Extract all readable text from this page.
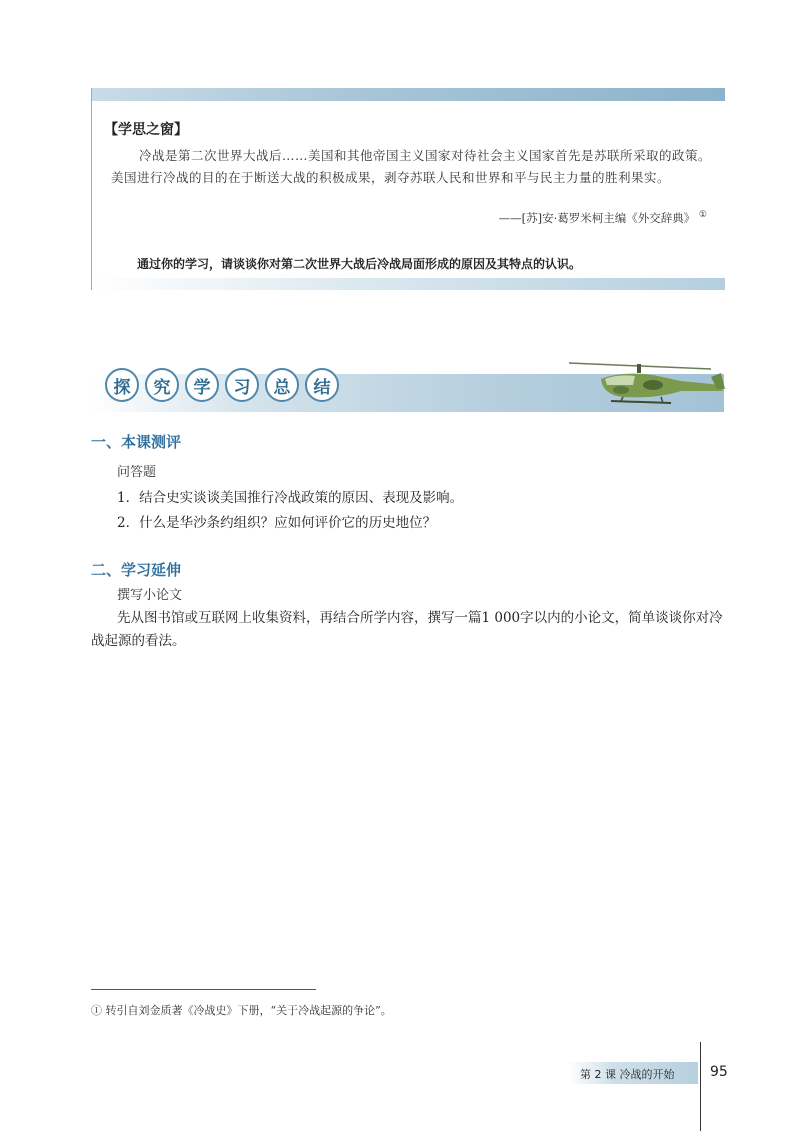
【学思之窗】
冷战是第二次世界大战后……美国和其他帝国主义国家对待社会主义国家首先是苏联所采取的政策。美国进行冷战的目的在于断送大战的积极成果，剥夺苏联人民和世界和平与民主力量的胜利果实。
——[苏]安·葛罗米柯主编《外交辞典》 ①
通过你的学习，请谈谈你对第二次世界大战后冷战局面形成的原因及其特点的认识。
探	究	学	习	总	结
一、本课测评
问答题
1．结合史实谈谈美国推行冷战政策的原因、表现及影响。
2．什么是华沙条约组织？应如何评价它的历史地位？
二、学习延伸
撰写小论文
先从图书馆或互联网上收集资料，再结合所学内容，撰写一篇1 000字以内的小论文，简单谈谈你对冷战起源的看法。
① 转引自刘金质著《冷战史》下册，“关于冷战起源的争论”。
第 2 课 冷战的开始	95
